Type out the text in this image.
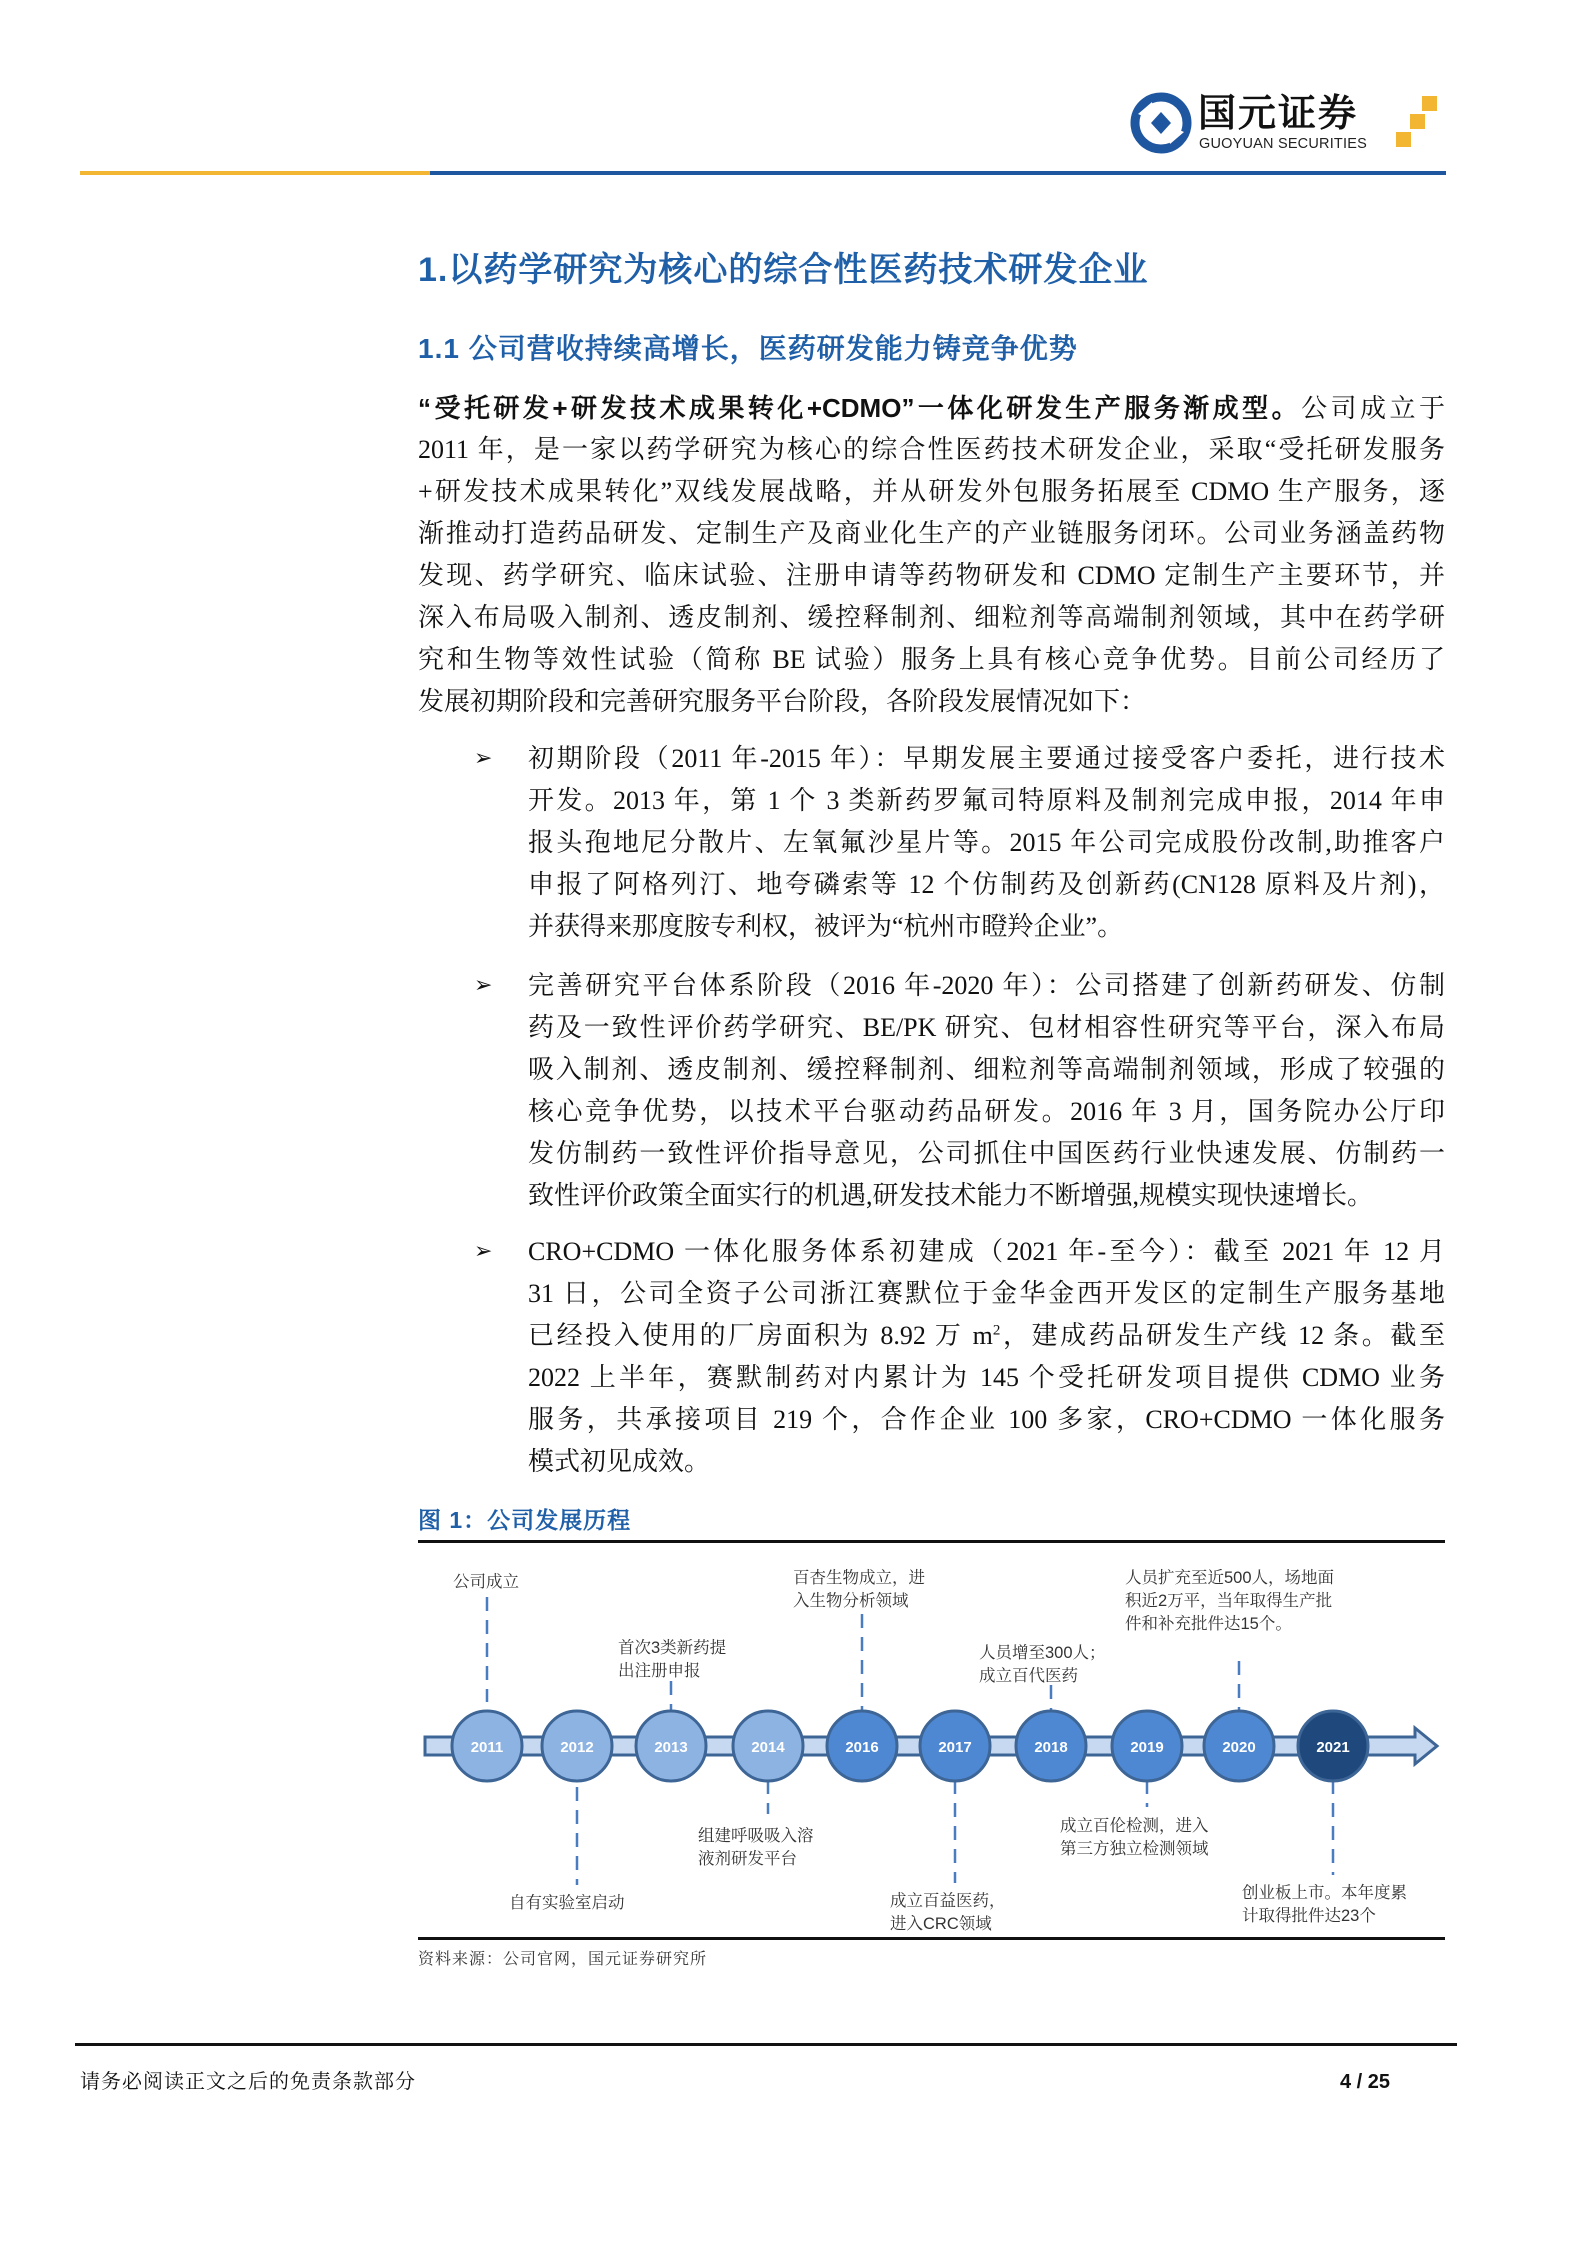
国元证券
GUOYUAN SECURITIES
1.以药学研究为核心的综合性医药技术研发企业
1.1 公司营收持续高增长，医药研发能力铸竞争优势
“受托研发+研发技术成果转化+CDMO”一体化研发生产服务渐成型。公司成立于
2011 年，是一家以药学研究为核心的综合性医药技术研发企业，采取“受托研发服务
+研发技术成果转化”双线发展战略，并从研发外包服务拓展至 CDMO 生产服务，逐
渐推动打造药品研发、定制生产及商业化生产的产业链服务闭环。公司业务涵盖药物
发现、药学研究、临床试验、注册申请等药物研发和 CDMO 定制生产主要环节，并
深入布局吸入制剂、透皮制剂、缓控释制剂、细粒剂等高端制剂领域，其中在药学研
究和生物等效性试验（简称 BE 试验）服务上具有核心竞争优势。目前公司经历了
发展初期阶段和完善研究服务平台阶段，各阶段发展情况如下：
➢ 初期阶段（2011 年-2015 年）：早期发展主要通过接受客户委托，进行技术
开发。2013 年，第 1 个 3 类新药罗氟司特原料及制剂完成申报，2014 年申
报头孢地尼分散片、左氧氟沙星片等。2015 年公司完成股份改制,助推客户
申报了阿格列汀、地夸磷索等 12 个仿制药及创新药(CN128 原料及片剂)，
并获得来那度胺专利权，被评为“杭州市瞪羚企业”。
➢ 完善研究平台体系阶段（2016 年-2020 年）：公司搭建了创新药研发、仿制
药及一致性评价药学研究、BE/PK 研究、包材相容性研究等平台，深入布局
吸入制剂、透皮制剂、缓控释制剂、细粒剂等高端制剂领域，形成了较强的
核心竞争优势，以技术平台驱动药品研发。2016 年 3 月，国务院办公厅印
发仿制药一致性评价指导意见，公司抓住中国医药行业快速发展、仿制药一
致性评价政策全面实行的机遇,研发技术能力不断增强,规模实现快速增长。
➢ CRO+CDMO 一体化服务体系初建成（2021 年-至今）：截至 2021 年 12 月
31 日，公司全资子公司浙江赛默位于金华金西开发区的定制生产服务基地
已经投入使用的厂房面积为 8.92 万 $m^2$，建成药品研发生产线 12 条。截至
2022 上半年，赛默制药对内累计为 145 个受托研发项目提供 CDMO 业务
服务，共承接项目 219 个，合作企业 100 多家，CRO+CDMO 一体化服务
模式初见成效。
图 1：公司发展历程
2011	2012	2013	2014	2016	2017	2018	2019	2020	2021
公司成立
自有实验室启动
首次3类新药提
出注册申报
组建呼吸吸入溶
液剂研发平台
百杏生物成立，进
入生物分析领域
成立百益医药，
进入CRC领域
人员增至300人；
成立百代医药
成立百伦检测，进入
第三方独立检测领域
人员扩充至近500人，场地面
积近2万平，当年取得生产批
件和补充批件达15个。
创业板上市。本年度累
计取得批件达23个
资料来源：公司官网，国元证券研究所
请务必阅读正文之后的免责条款部分	4 / 25
